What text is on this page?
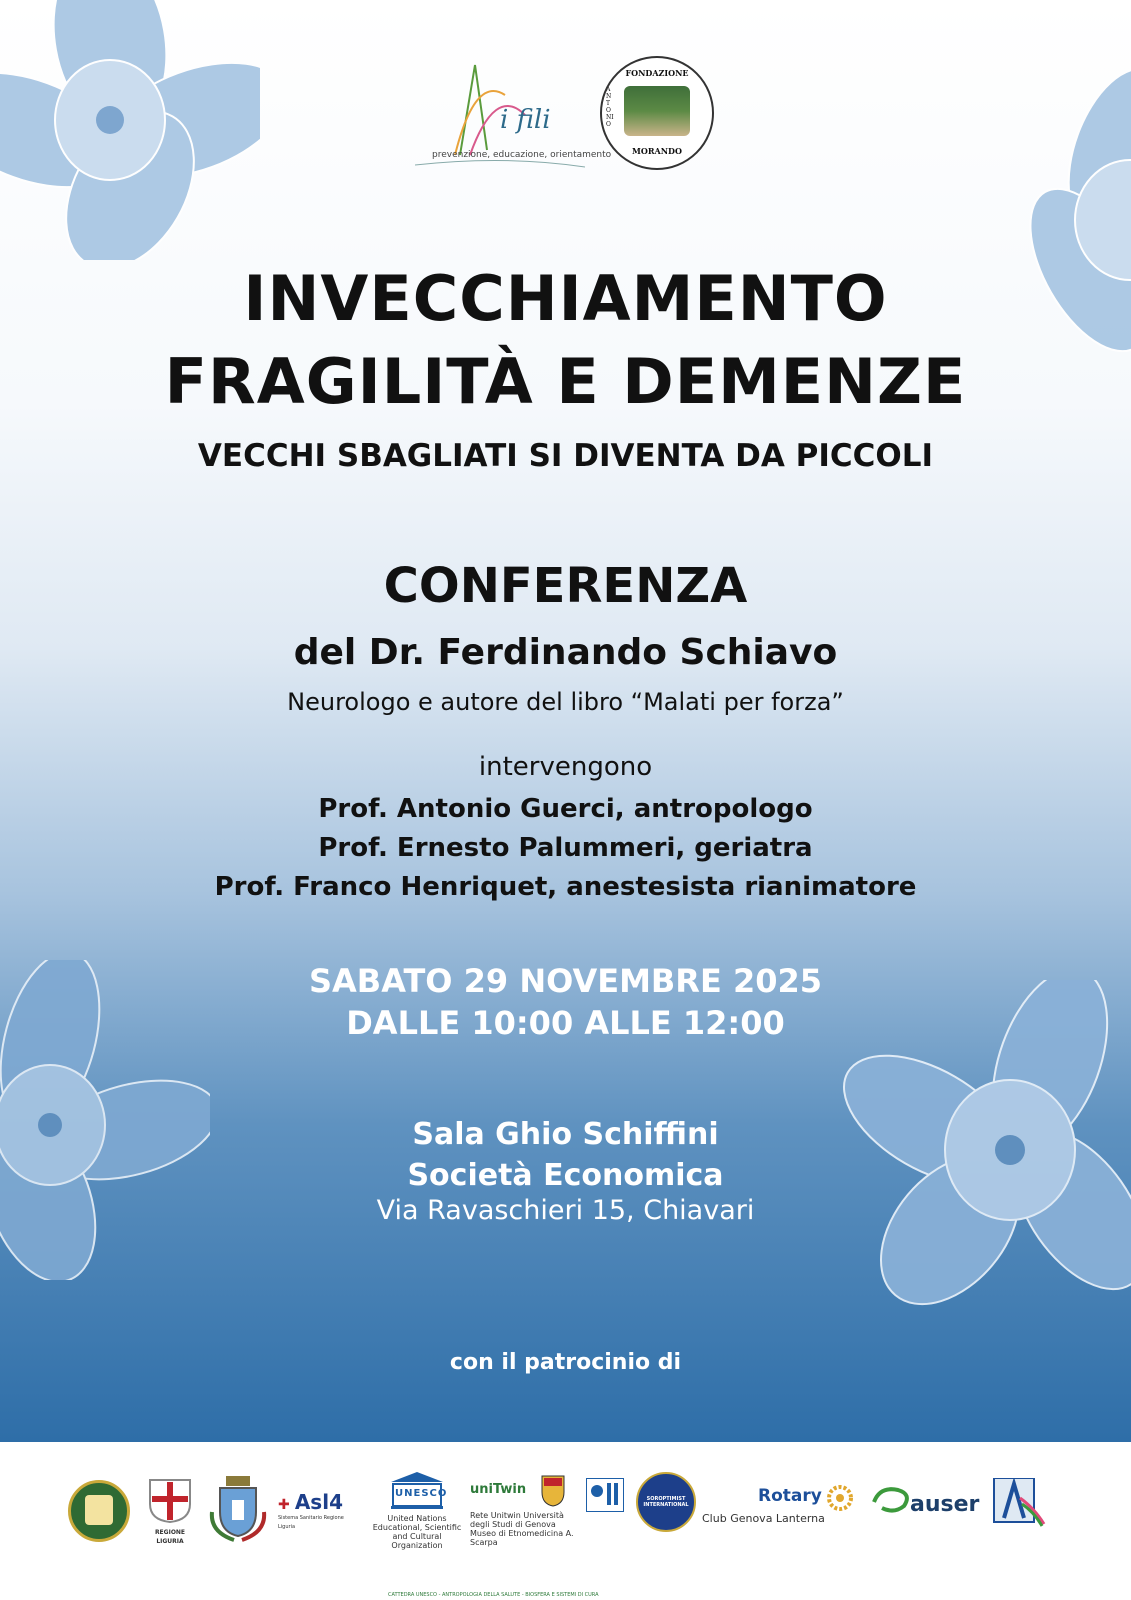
i fili
prevenzione, educazione, orientamento
FONDAZIONE
MORANDO
ANTONIO
INVECCHIAMENTO
FRAGILITÀ E DEMENZE
VECCHI SBAGLIATI SI DIVENTA DA PICCOLI
CONFERENZA
del Dr. Ferdinando Schiavo
Neurologo e autore del libro “Malati per forza”
intervengono
Prof. Antonio Guerci, antropologo
Prof. Ernesto Palummeri, geriatra
Prof. Franco Henriquet, anestesista rianimatore
SABATO 29 NOVEMBRE 2025
DALLE 10:00 ALLE 12:00
Sala Ghio Schiffini
Società Economica
Via Ravaschieri 15, Chiavari
con il patrocinio di
REGIONE LIGURIA
✚ Asl4
Sistema Sanitario Regione Liguria
UNESCO
United Nations Educational, Scientific and Cultural Organization
uniTwin
Rete Unitwin Università degli Studi di Genova Museo di Etnomedicina A. Scarpa
CATTEDRA UNESCO - ANTROPOLOGIA DELLA SALUTE - BIOSFERA E SISTEMI DI CURA
SOROPTIMIST INTERNATIONAL	Rotary
Club Genova Lanterna
auser
